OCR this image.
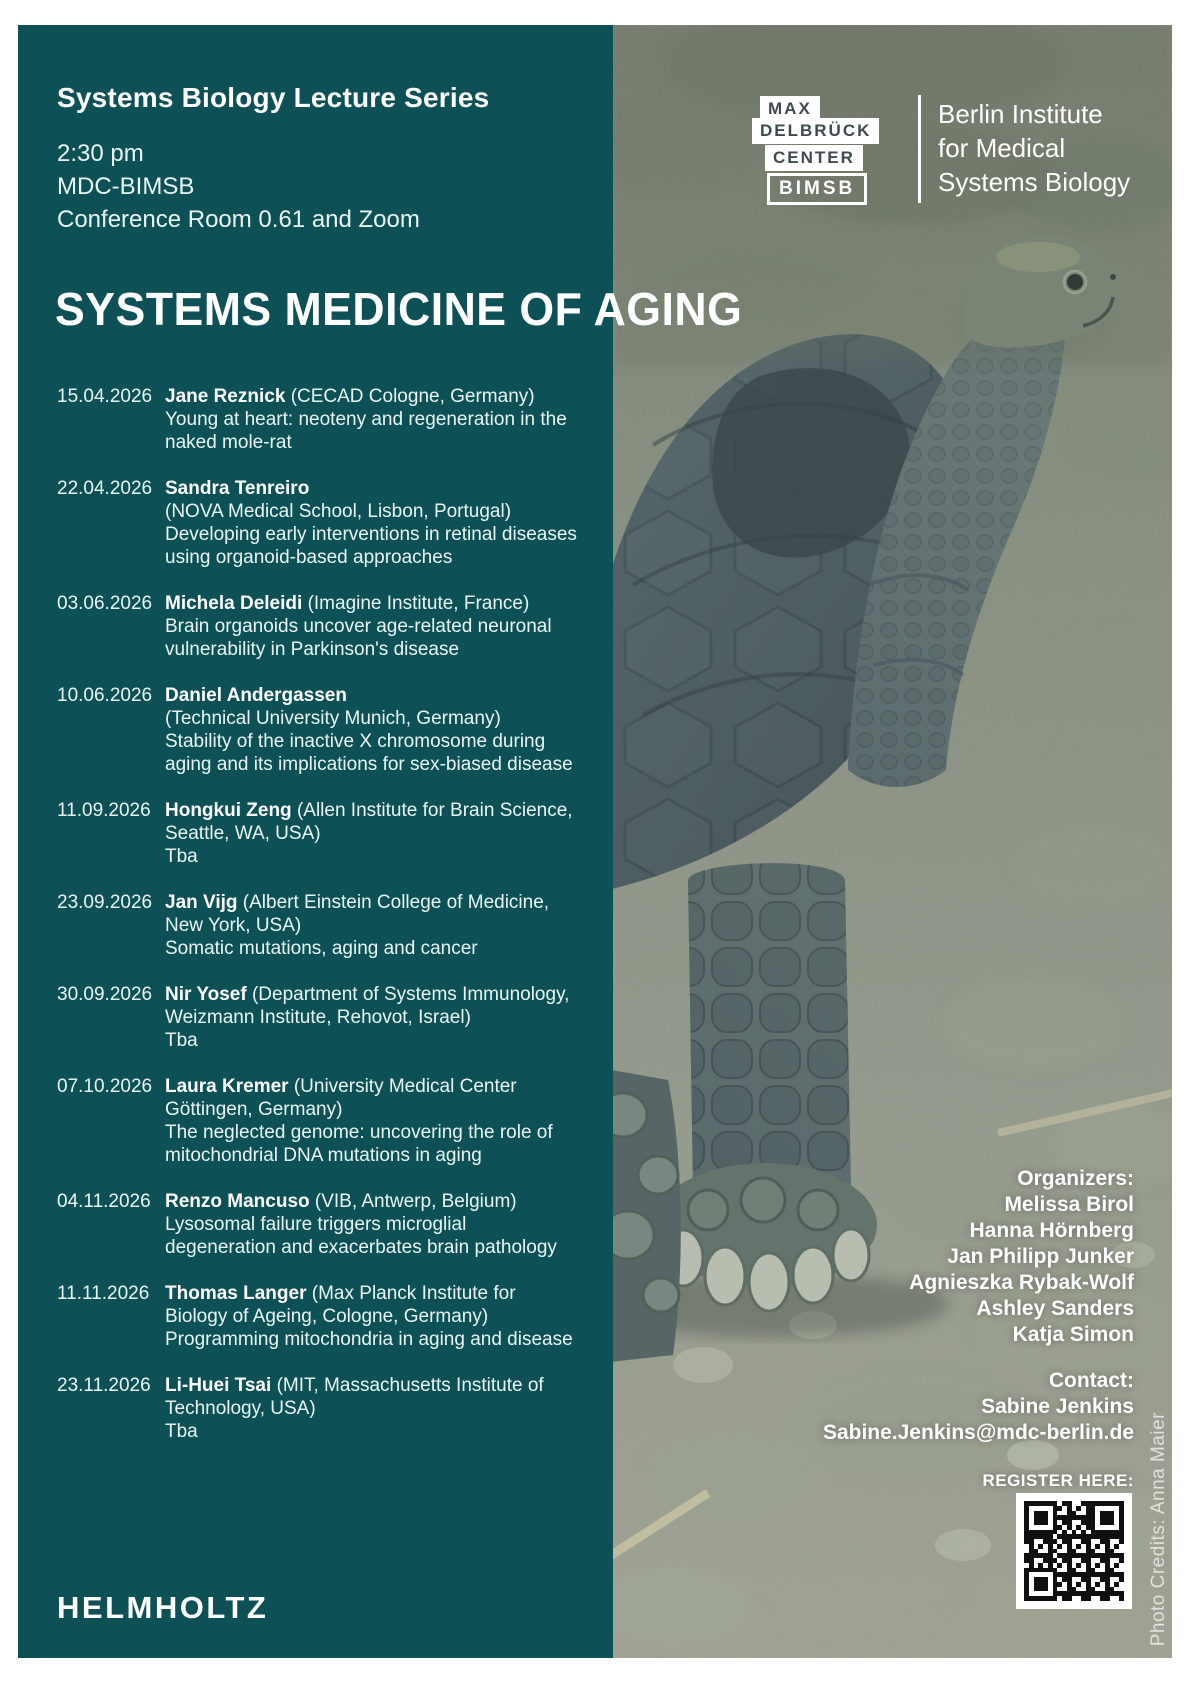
Systems Biology Lecture Series
2:30 pm
MDC-BIMSB
Conference Room 0.61 and Zoom
MAX
DELBRÜCK
CENTER
BIMSB
Berlin Institute
for Medical
Systems Biology
SYSTEMS MEDICINE OF AGING
15.04.2026 Jane Reznick (CECAD Cologne, Germany)
Young at heart: neoteny and regeneration in the naked mole-rat
22.04.2026 Sandra Tenreiro
(NOVA Medical School, Lisbon, Portugal)
Developing early interventions in retinal diseases using organoid-based approaches
03.06.2026 Michela Deleidi (Imagine Institute, France)
Brain organoids uncover age-related neuronal vulnerability in Parkinson's disease
10.06.2026 Daniel Andergassen
(Technical University Munich, Germany)
Stability of the inactive X chromosome during aging and its implications for sex-biased disease
11.09.2026 Hongkui Zeng (Allen Institute for Brain Science, Seattle, WA, USA)
Tba
23.09.2026 Jan Vijg (Albert Einstein College of Medicine, New York, USA)
Somatic mutations, aging and cancer
30.09.2026 Nir Yosef (Department of Systems Immunology, Weizmann Institute, Rehovot, Israel)
Tba
07.10.2026 Laura Kremer (University Medical Center Göttingen, Germany)
The neglected genome: uncovering the role of mitochondrial DNA mutations in aging
04.11.2026 Renzo Mancuso (VIB, Antwerp, Belgium)
Lysosomal failure triggers microglial degeneration and exacerbates brain pathology
11.11.2026 Thomas Langer (Max Planck Institute for Biology of Ageing, Cologne, Germany)
Programming mitochondria in aging and disease
23.11.2026 Li-Huei Tsai (MIT, Massachusetts Institute of Technology, USA)
Tba
Organizers:
Melissa Birol
Hanna Hörnberg
Jan Philipp Junker
Agnieszka Rybak-Wolf
Ashley Sanders
Katja Simon
Contact:
Sabine Jenkins
Sabine.Jenkins@mdc-berlin.de
REGISTER HERE: Photo Credits: Anna Maier
HELMHOLTZ
